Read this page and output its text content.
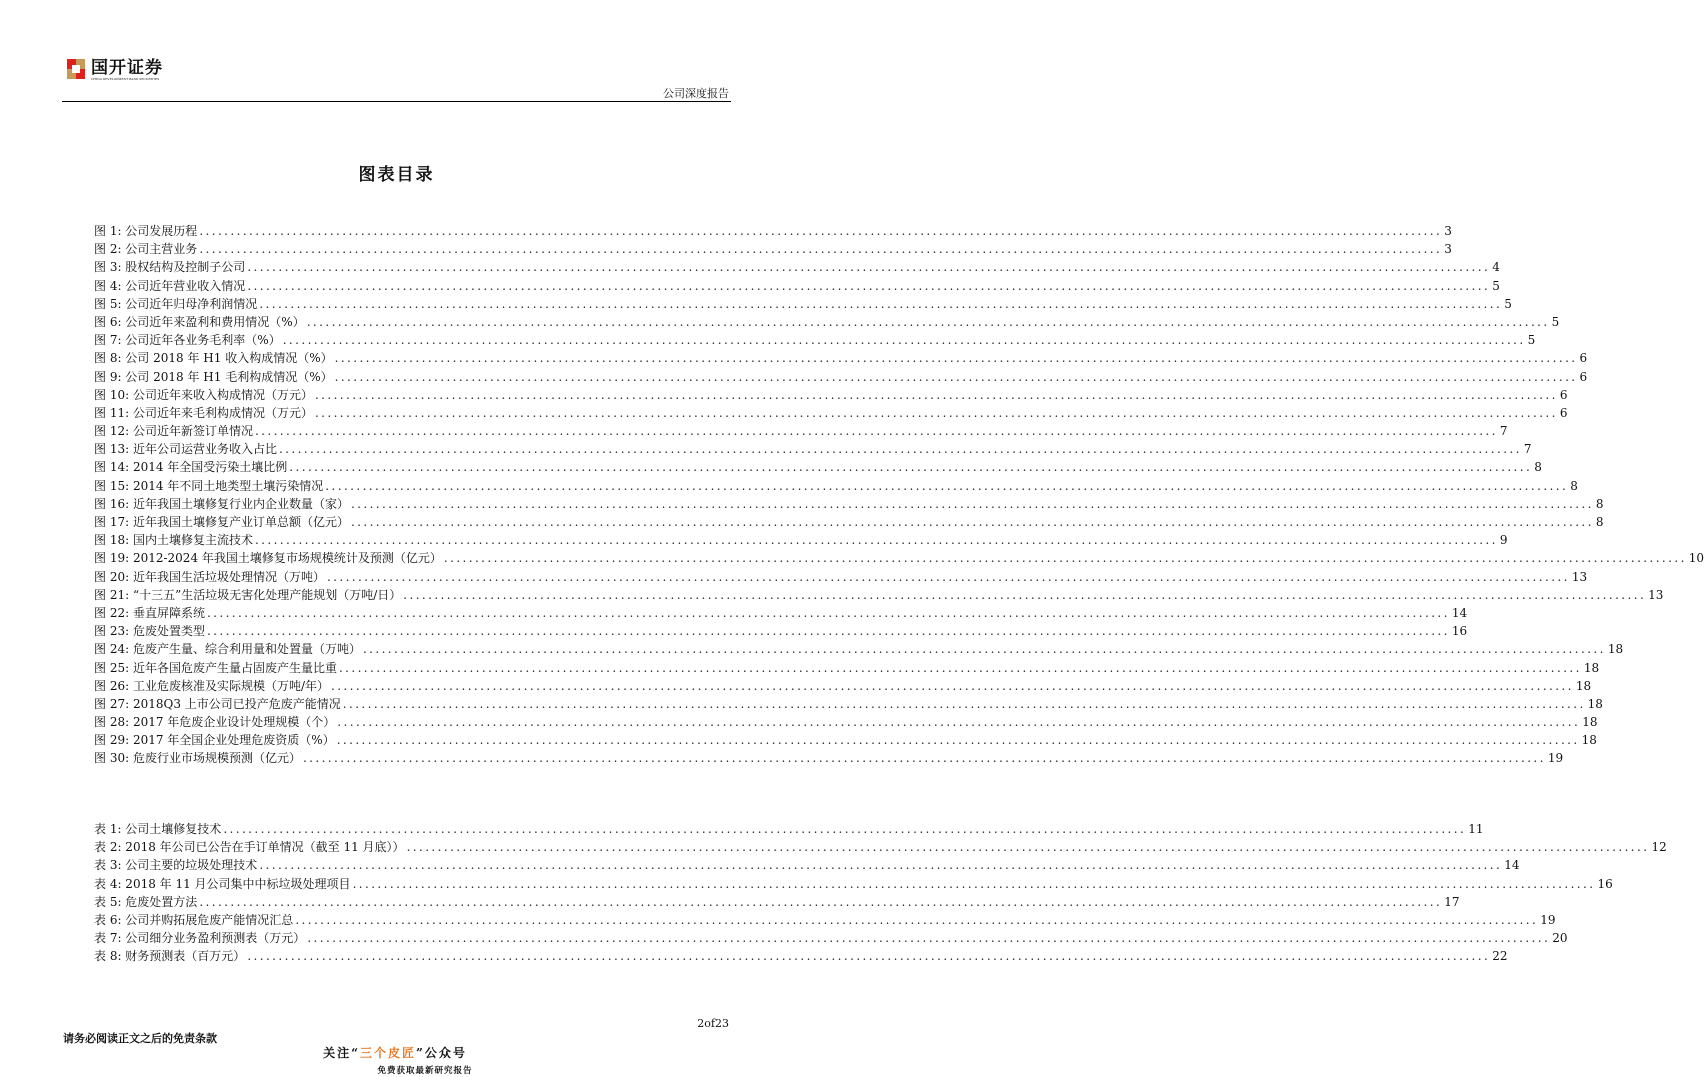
国开证券
CHINA DEVELOPMENT BANK SECURITIES
公司深度报告
图表目录
图 1: 公司发展历程 ........................................................................................................................................................................................................ 3
图 2: 公司主营业务 ........................................................................................................................................................................................................ 3
图 3: 股权结构及控制子公司 ........................................................................................................................................................................................................ 4
图 4: 公司近年营业收入情况 ........................................................................................................................................................................................................ 5
图 5: 公司近年归母净利润情况 ........................................................................................................................................................................................................ 5
图 6: 公司近年来盈利和费用情况（%） ........................................................................................................................................................................................................ 5
图 7: 公司近年各业务毛利率（%） ........................................................................................................................................................................................................ 5
图 8: 公司 2018 年 H1 收入构成情况（%） ........................................................................................................................................................................................................ 6
图 9: 公司 2018 年 H1 毛利构成情况（%） ........................................................................................................................................................................................................ 6
图 10: 公司近年来收入构成情况（万元） ........................................................................................................................................................................................................ 6
图 11: 公司近年来毛利构成情况（万元） ........................................................................................................................................................................................................ 6
图 12: 公司近年新签订单情况 ........................................................................................................................................................................................................ 7
图 13: 近年公司运营业务收入占比 ........................................................................................................................................................................................................ 7
图 14: 2014 年全国受污染土壤比例 ........................................................................................................................................................................................................ 8
图 15: 2014 年不同土地类型土壤污染情况 ........................................................................................................................................................................................................ 8
图 16: 近年我国土壤修复行业内企业数量（家） ........................................................................................................................................................................................................ 8
图 17: 近年我国土壤修复产业订单总额（亿元） ........................................................................................................................................................................................................ 8
图 18: 国内土壤修复主流技术 ........................................................................................................................................................................................................ 9
图 19: 2012-2024 年我国土壤修复市场规模统计及预测（亿元） ........................................................................................................................................................................................................ 10
图 20: 近年我国生活垃圾处理情况（万吨） ........................................................................................................................................................................................................ 13
图 21: “十三五”生活垃圾无害化处理产能规划（万吨/日） ........................................................................................................................................................................................................ 13
图 22: 垂直屏障系统 ........................................................................................................................................................................................................ 14
图 23: 危废处置类型 ........................................................................................................................................................................................................ 16
图 24: 危废产生量、综合利用量和处置量（万吨） ........................................................................................................................................................................................................ 18
图 25: 近年各国危废产生量占固废产生量比重 ........................................................................................................................................................................................................ 18
图 26: 工业危废核准及实际规模（万吨/年） ........................................................................................................................................................................................................ 18
图 27: 2018Q3 上市公司已投产危废产能情况 ........................................................................................................................................................................................................ 18
图 28: 2017 年危废企业设计处理规模（个） ........................................................................................................................................................................................................ 18
图 29: 2017 年全国企业处理危废资质（%） ........................................................................................................................................................................................................ 18
图 30: 危废行业市场规模预测（亿元） ........................................................................................................................................................................................................ 19
表 1: 公司土壤修复技术 ........................................................................................................................................................................................................ 11
表 2: 2018 年公司已公告在手订单情况（截至 11 月底）） ........................................................................................................................................................................................................ 12
表 3: 公司主要的垃圾处理技术 ........................................................................................................................................................................................................ 14
表 4: 2018 年 11 月公司集中中标垃圾处理项目 ........................................................................................................................................................................................................ 16
表 5: 危废处置方法 ........................................................................................................................................................................................................ 17
表 6: 公司并购拓展危废产能情况汇总 ........................................................................................................................................................................................................ 19
表 7: 公司细分业务盈利预测表（万元） ........................................................................................................................................................................................................ 20
表 8: 财务预测表（百万元） ........................................................................................................................................................................................................ 22
2of23
请务必阅读正文之后的免责条款
关注“三个皮匠”公众号
免费获取最新研究报告
